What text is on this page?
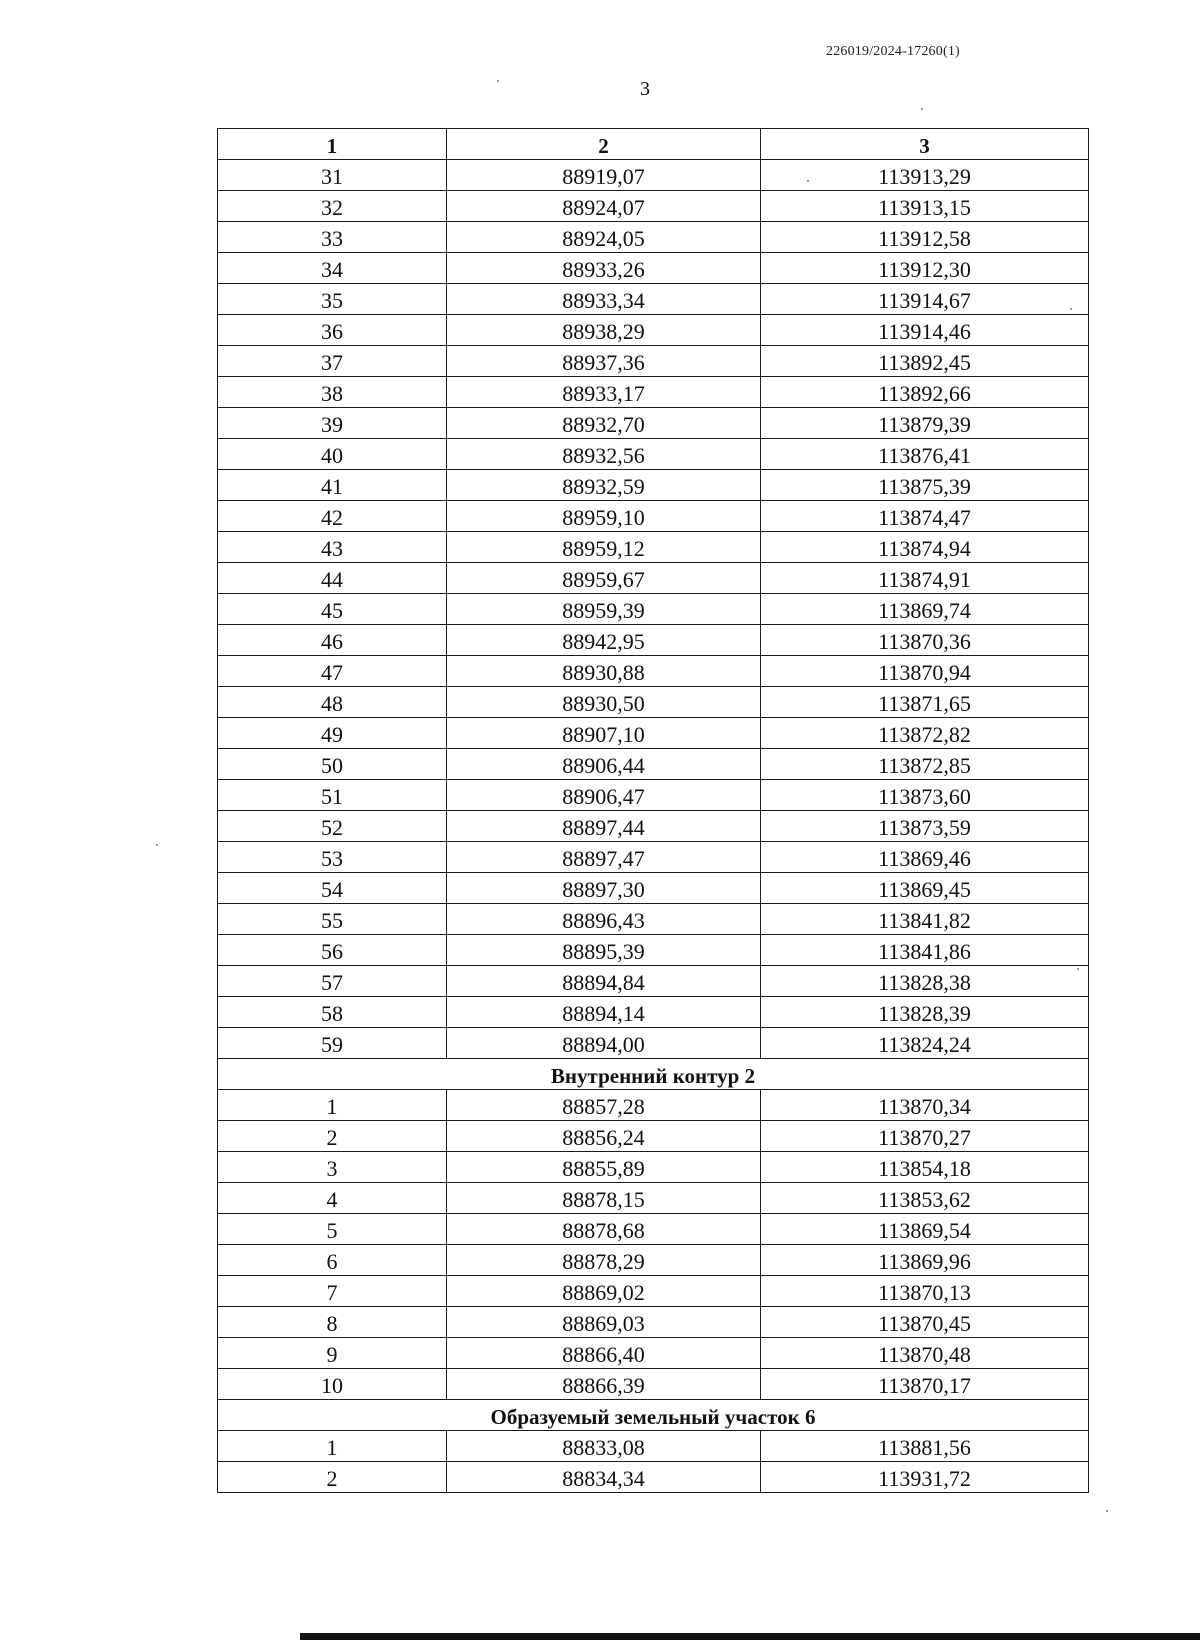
226019/2024-17260(1)
3
1	2	3
31	88919,07	113913,29
32	88924,07	113913,15
33	88924,05	113912,58
34	88933,26	113912,30
35	88933,34	113914,67
36	88938,29	113914,46
37	88937,36	113892,45
38	88933,17	113892,66
39	88932,70	113879,39
40	88932,56	113876,41
41	88932,59	113875,39
42	88959,10	113874,47
43	88959,12	113874,94
44	88959,67	113874,91
45	88959,39	113869,74
46	88942,95	113870,36
47	88930,88	113870,94
48	88930,50	113871,65
49	88907,10	113872,82
50	88906,44	113872,85
51	88906,47	113873,60
52	88897,44	113873,59
53	88897,47	113869,46
54	88897,30	113869,45
55	88896,43	113841,82
56	88895,39	113841,86
57	88894,84	113828,38
58	88894,14	113828,39
59	88894,00	113824,24
Внутренний контур 2		
1	88857,28	113870,34
2	88856,24	113870,27
3	88855,89	113854,18
4	88878,15	113853,62
5	88878,68	113869,54
6	88878,29	113869,96
7	88869,02	113870,13
8	88869,03	113870,45
9	88866,40	113870,48
10	88866,39	113870,17
Образуемый земельный участок 6		
1	88833,08	113881,56
2	88834,34	113931,72
